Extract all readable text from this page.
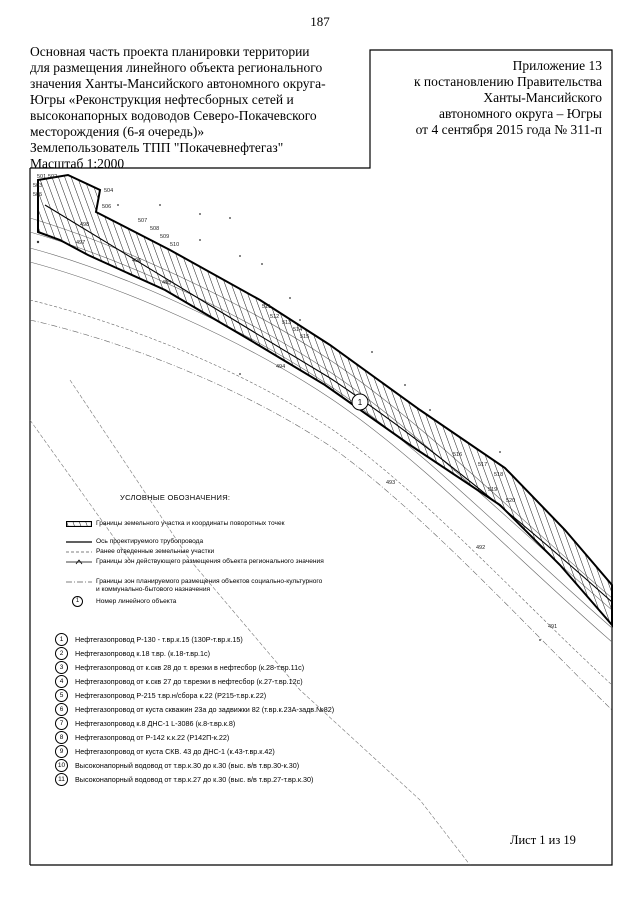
187
Основная часть проекта планировки территории
для размещения линейного объекта регионального
значения Ханты-Мансийского автономного округа-
Югры «Реконструкция нефтесборных сетей и
высоконапорных водоводов Северо-Покачевского
месторождения (6-я очередь)»
Землепользователь ТПП "Покачевнефтегаз"
Масштаб 1:2000
Приложение 13
к постановлению Правительства
Ханты-Мансийского
автономного округа – Югры
от 4 сентября 2015 года № 311-п
501 502
503
504
505
506
507
508
509
510
511
512
513
514
515
516
517
518
519
520
498
497
496
495
494
493
492
491
1
УСЛОВНЫЕ ОБОЗНАЧЕНИЯ:
Границы земельного участка и координаты поворотных точек
Ось проектируемого трубопровода
Ранее отведенные земельные участки
Границы зон действующего размещения объекта регионального значения
Границы зон планируемого размещения объектов социально-культурного и коммунально-бытового назначения
1	Номер линейного объекта
1	Нефтегазопровод Р-130 - т.вр.к.15 (130Р-т.вр.к.15)
2	Нефтегазопровод к.18 т.вр. (к.18-т.вр.1с)
3	Нефтегазопровод от к.скв 28 до т. врезки в нефтесбор (к.28-т.вр.11с)
4	Нефтегазопровод от к.скв 27 до т.врезки в нефтесбор (к.27-т.вр.12с)
5	Нефтегазопровод Р-215 т.вр.н/сбора к.22 (Р215-т.вр.к.22)
6	Нефтегазопровод от куста скважин 23а до задвижки 82 (т.вр.к.23А-задв.№82)
7	Нефтегазопровод к.8 ДНС-1 L-3086 (к.8-т.вр.к.8)
8	Нефтегазопровод от Р-142 к.к.22 (Р142П-к.22)
9	Нефтегазопровод от куста СКВ. 43 до ДНС-1 (к.43-т.вр.к.42)
10	Высоконапорный водовод от т.вр.к.30 до к.30 (выс. в/в т.вр.30-к.30)
11	Высоконапорный водовод от т.вр.к.27 до к.30 (выс. в/в т.вр.27-т.вр.к.30)
Лист 1 из 19
